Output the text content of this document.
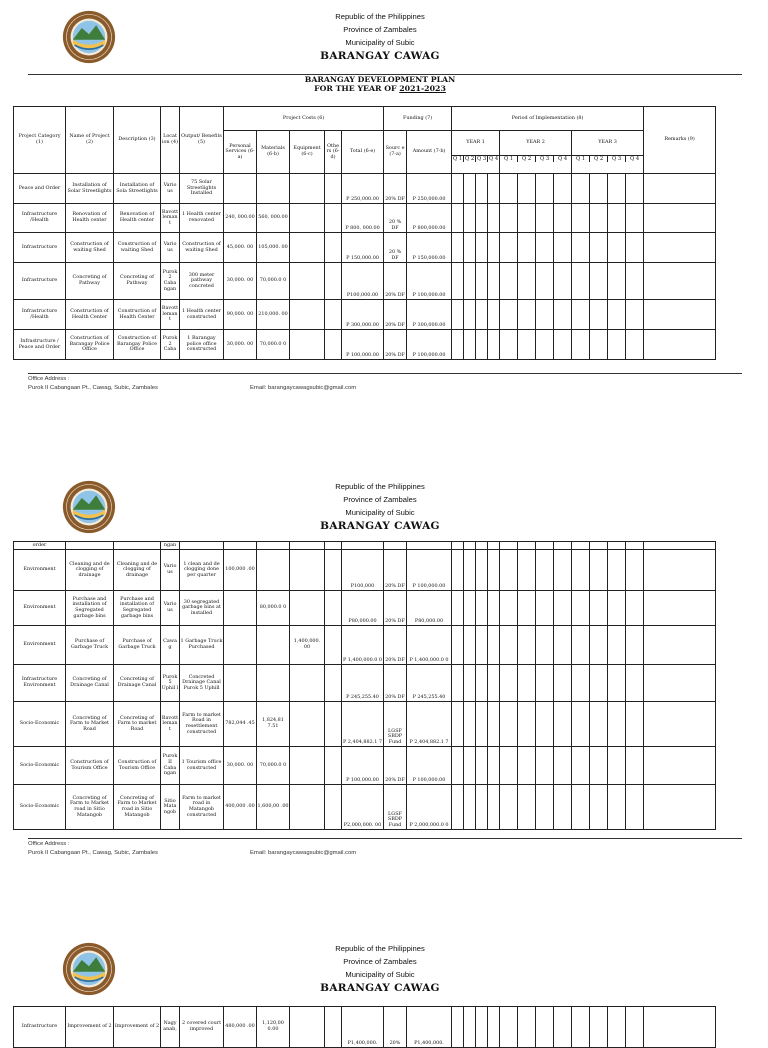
Republic of the Philippines
Province of Zambales
Municipality of Subic
BARANGAY CAWAG
BARANGAY DEVELOPMENT PLAN
FOR THE YEAR OF 2021-2023
Project Category (1)	Name of Project (2)	Description (3)	Locat ion (4)	Output/ Benefits (5)	Project Costs (6)					Funding (7)		Period of Implementation (8)			Remarks (9)
					Personal Services (6-a)	Materials (6-b)	Equipment (6-c)	Othe rs (6-d)	Total (6-e)	Sourc e (7-a)	Amount (7-b)	YEAR 1	YEAR 2	YEAR 3	

												Q 1 Q 2 Q 3 Q 4	Q 1 Q 2 Q 3 Q 4	Q 1 Q 2 Q 3 Q 4	

Peace and Order	Installation of Solar Streetlights	Installation of Sola Streetlights	Vario us	75 Solar Streetlights Installed					P 250,000.00	20% DF	P 250,000.00	

Infrastructure /Health	Renovation of Health center	Renovation of Health center	Bavott leman t	1 Health center renovated	240, 000.00	560, 000.00			P 800, 000.00	20 % DF	P 800,000.00	

Infrastructure	Construction of waiting Shed	Construction of waiting Shed	Vario us	Construction of waiting Shed	45,000. 00	105,000. 00			P 150,000.00	20 % DF	P 150,000.00	

Infrastructure	Concreting of Pathway	Concreting of Pathway	Purok 2 Caba ngan	300 meter pathway concreted	30,000. 00	70,000.0 0			P100,000.00	20% DF	P 100,000.00	

Infrastructure /Health	Construction of Health Center	Construction of Health Center	Bavott leman t	1 Health center constructed	90,000. 00	210,000. 00			P 300,000.00	20% DF	P 300,000.00	

Infrastructure / Peace and Order	Construction of Barangay Police Office	Construction of Barangay Police Office	Purok 2 Caba	1 Barangay police office constructed	30,000. 00	70,000.0 0			P 100,000.00	20% DF	P 100,000.00	

Office Address :
Purok II Cabangaan Pt., Cawag, Subic, Zambales	Email: barangaycawagsubic@gmail.com
Republic of the Philippines
Province of Zambales
Municipality of Subic
BARANGAY CAWAG
order			ngan									

Environment	Cleaning and de clogging of drainage	Cleaning and de clogging of drainage	Vario us	1 clean and de clogging done per quarter	100,000 .00				P100,000	20% DF	P 100,000.00	

Environment	Purchase and installation of Segregated garbage bins	Purchase and installation of Segregated garbage bins	Vario us	30 segregated garbage bins at installed		80,000.0 0			P80,000.00	20% DF	P80,000.00	

Environment	Purchase of Garbage Truck	Purchase of Garbage Truck	Cawa g	1 Garbage Truck Purchased			1,400,000. 00		P 1,400,000.0 0	20% DF	P 1,400,000.0 0	

Infrastructure Environment	Concreting of Drainage Canal	Concreting of Drainage Canal	Purok 5 Uphil l	Concreted Drainage Canal Purok 5 Uphill					P 245,255.40	20% DF	P 245,255.40	

Socio-Economic	Concreting of Farm to Market Road	Concreting of Farm to market Road	Bavott leman t	Farm to market Road in resettlement constructed	782,044 .45	1,824,81 7.51			P 2,404,882.1 7	LGSF SBDP Fund	P 2,404,882.1 7	

Socio-Economic	Construction of Tourism Office	Construction of Tourism Office	Purok II Caba ngan	1 Tourism office constructed	30,000. 00	70,000.0 0			P 100,000.00	20% DF	P 100,000.00	

Socio-Economic	Concreting of Farm to Market road in Sitio Matangob	Concreting of Farm to Market road in Sitio Matangob	Sitio Mata ngob	Farm to market road in Matangob constructed	400,000 .00	1,600,00 .00			P2,000,000. 00	LGSF SBDP Fund	P 2,000,000.0 0	

Office Address :
Purok II Cabangaan Pt., Cawag, Subic, Zambales	Email: barangaycawagsubic@gmail.com
Republic of the Philippines
Province of Zambales
Municipality of Subic
BARANGAY CAWAG
Infrastructure	Improvement of 2	Improvement of 2	Nagy anab,	2 covered court improved	480,000 .00	1,120,00 0.00			P1,400,000.	20%	P1,400,000.	
